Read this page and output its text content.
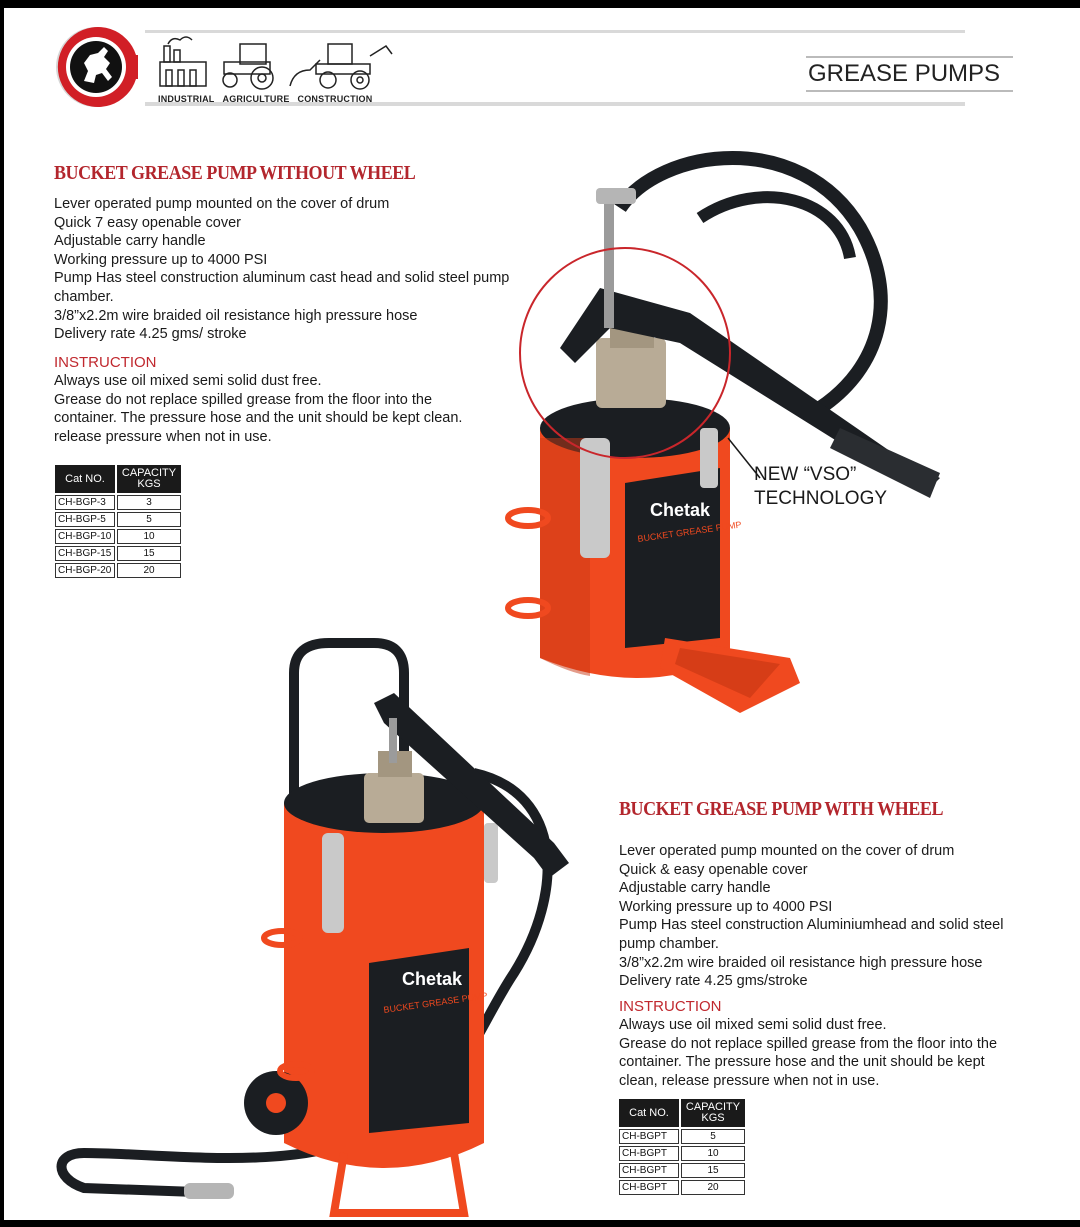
INDUSTRIAL AGRICULTURE CONSTRUCTION
GREASE PUMPS
BUCKET GREASE PUMP WITHOUT WHEEL
Lever operated pump mounted on the cover of drum
Quick 7 easy openable cover
Adjustable carry handle
Working pressure up to 4000 PSI
Pump Has steel construction aluminum cast head and solid steel pump chamber.
3/8”x2.2m wire braided oil resistance high pressure hose
Delivery rate 4.25 gms/ stroke
INSTRUCTION
Always use oil mixed semi solid dust free.
Grease do not replace spilled grease from the floor into the
container. The pressure hose and the unit should be kept clean.
release pressure when not in use.
Cat NO.	CAPACITY
KGS
CH-BGP-3	3
CH-BGP-5	5
CH-BGP-10	10
CH-BGP-15	15
CH-BGP-20	20
Chetak
BUCKET GREASE PUMP
NEW “VSO”
TECHNOLOGY
Chetak
BUCKET GREASE PUMP
BUCKET GREASE PUMP WITH WHEEL
Lever operated pump mounted on the cover of drum
Quick & easy openable cover
Adjustable carry handle
Working pressure up to 4000 PSI
Pump Has steel construction Aluminiumhead and solid steel
pump chamber.
3/8”x2.2m wire braided oil resistance high pressure hose
Delivery rate 4.25 gms/stroke
INSTRUCTION
Always use oil mixed semi solid dust free.
Grease do not replace spilled grease from the floor into the
container. The pressure hose and the unit should be kept
clean, release pressure when not in use.
Cat NO.	CAPACITY
KGS
CH-BGPT	5
CH-BGPT	10
CH-BGPT	15
CH-BGPT	20
